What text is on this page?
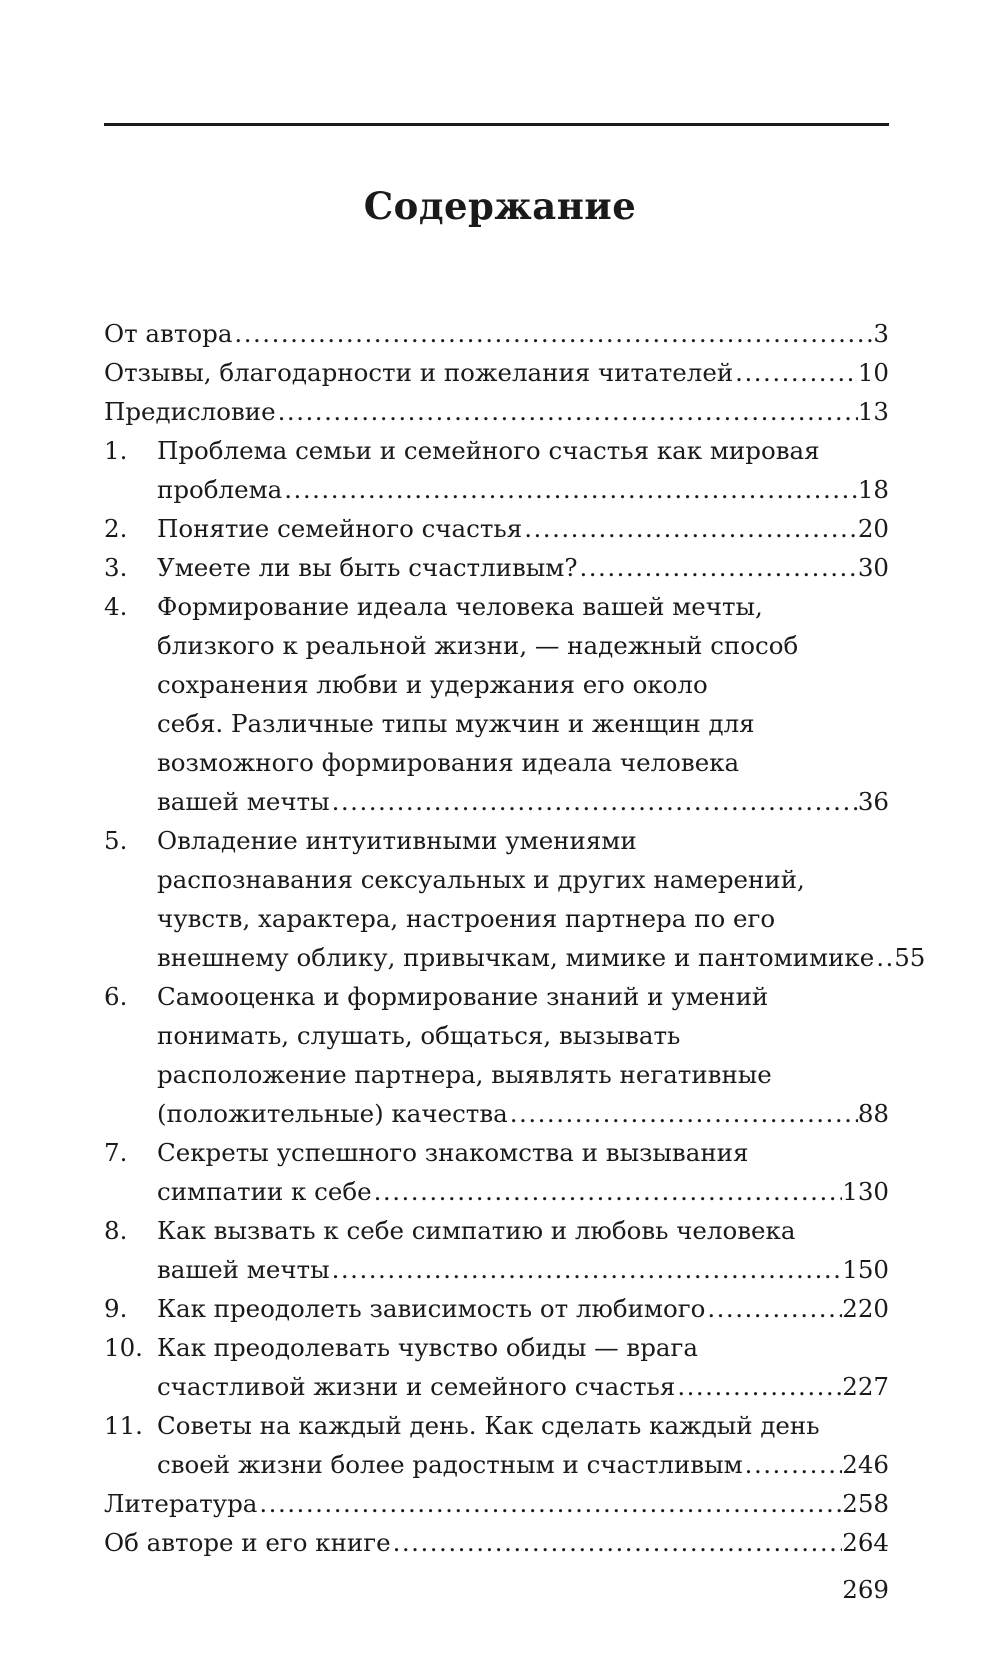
Содержание
От автора .....	3
Отзывы, благодарности и пожелания читателей .....	10
Предисловие .....	13
1.	Проблема семьи и семейного счастья как мировая
проблема .....	18
2.	Понятие семейного счастья .....	20
3.	Умеете ли вы быть счастливым? .....	30
4.	Формирование идеала человека вашей мечты,
близкого к реальной жизни, — надежный способ
сохранения любви и удержания его около
себя. Различные типы мужчин и женщин для
возможного формирования идеала человека
вашей мечты .....	36
5.	Овладение интуитивными умениями
распознавания сексуальных и других намерений,
чувств, характера, настроения партнера по его
внешнему облику, привычкам, мимике и пантомимике ..... 55
6.	Самооценка и формирование знаний и умений
понимать, слушать, общаться, вызывать
расположение партнера, выявлять негативные
(положительные) качества .....	88
7.	Секреты успешного знакомства и вызывания
симпатии к себе .....	130
8.	Как вызвать к себе симпатию и любовь человека
вашей мечты .....	150
9.	Как преодолеть зависимость от любимого .....	220
10. Как преодолевать чувство обиды — врага
счастливой жизни и семейного счастья .....	227
11. Советы на каждый день. Как сделать каждый день
своей жизни более радостным и счастливым .....	246
Литература .....	258
Об авторе и его книге .....	264
269
